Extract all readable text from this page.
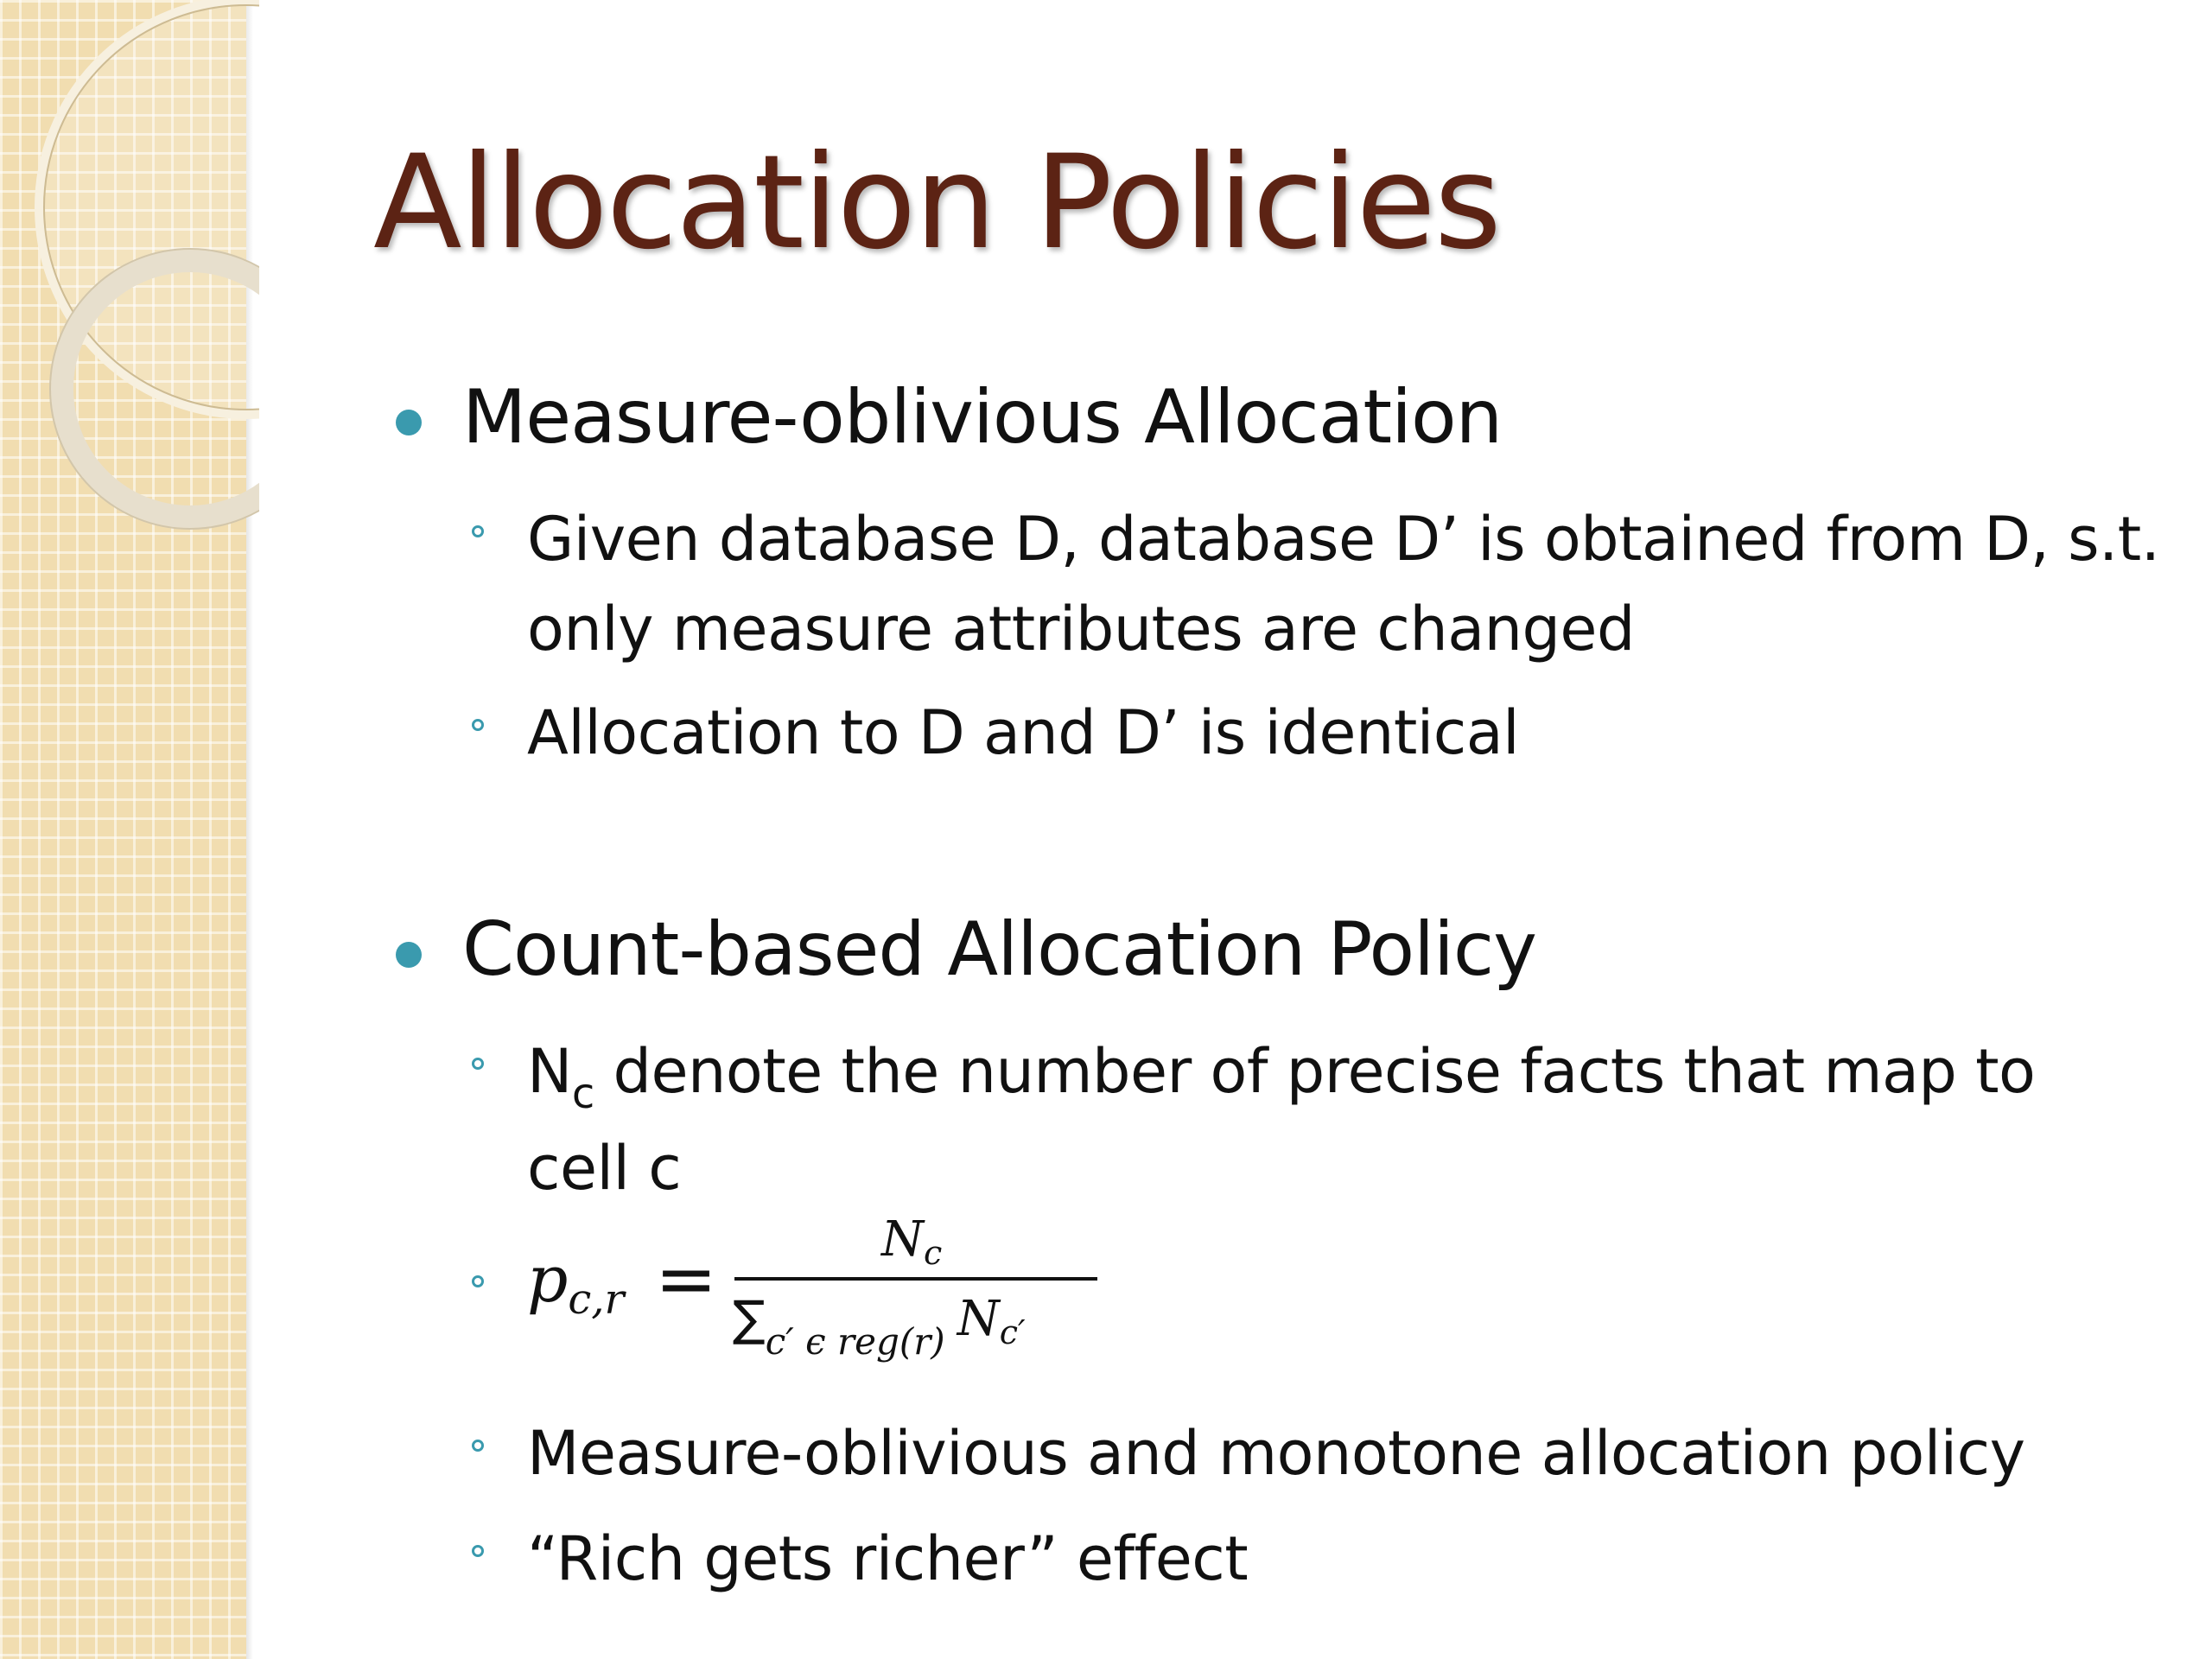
Allocation Policies
Measure-oblivious Allocation
Given database D, database D’ is obtained from D, s.t.
only measure attributes are changed
Allocation to D and D’ is identical
Count-based Allocation Policy
$N_c$ denote the number of precise facts that map to
cell c
$p_{c,r}$ =	$N_c$
$\sum_{c' \epsilon reg(r)}$ $N_{c'}$
Measure-oblivious and monotone allocation policy
“Rich gets richer” effect
